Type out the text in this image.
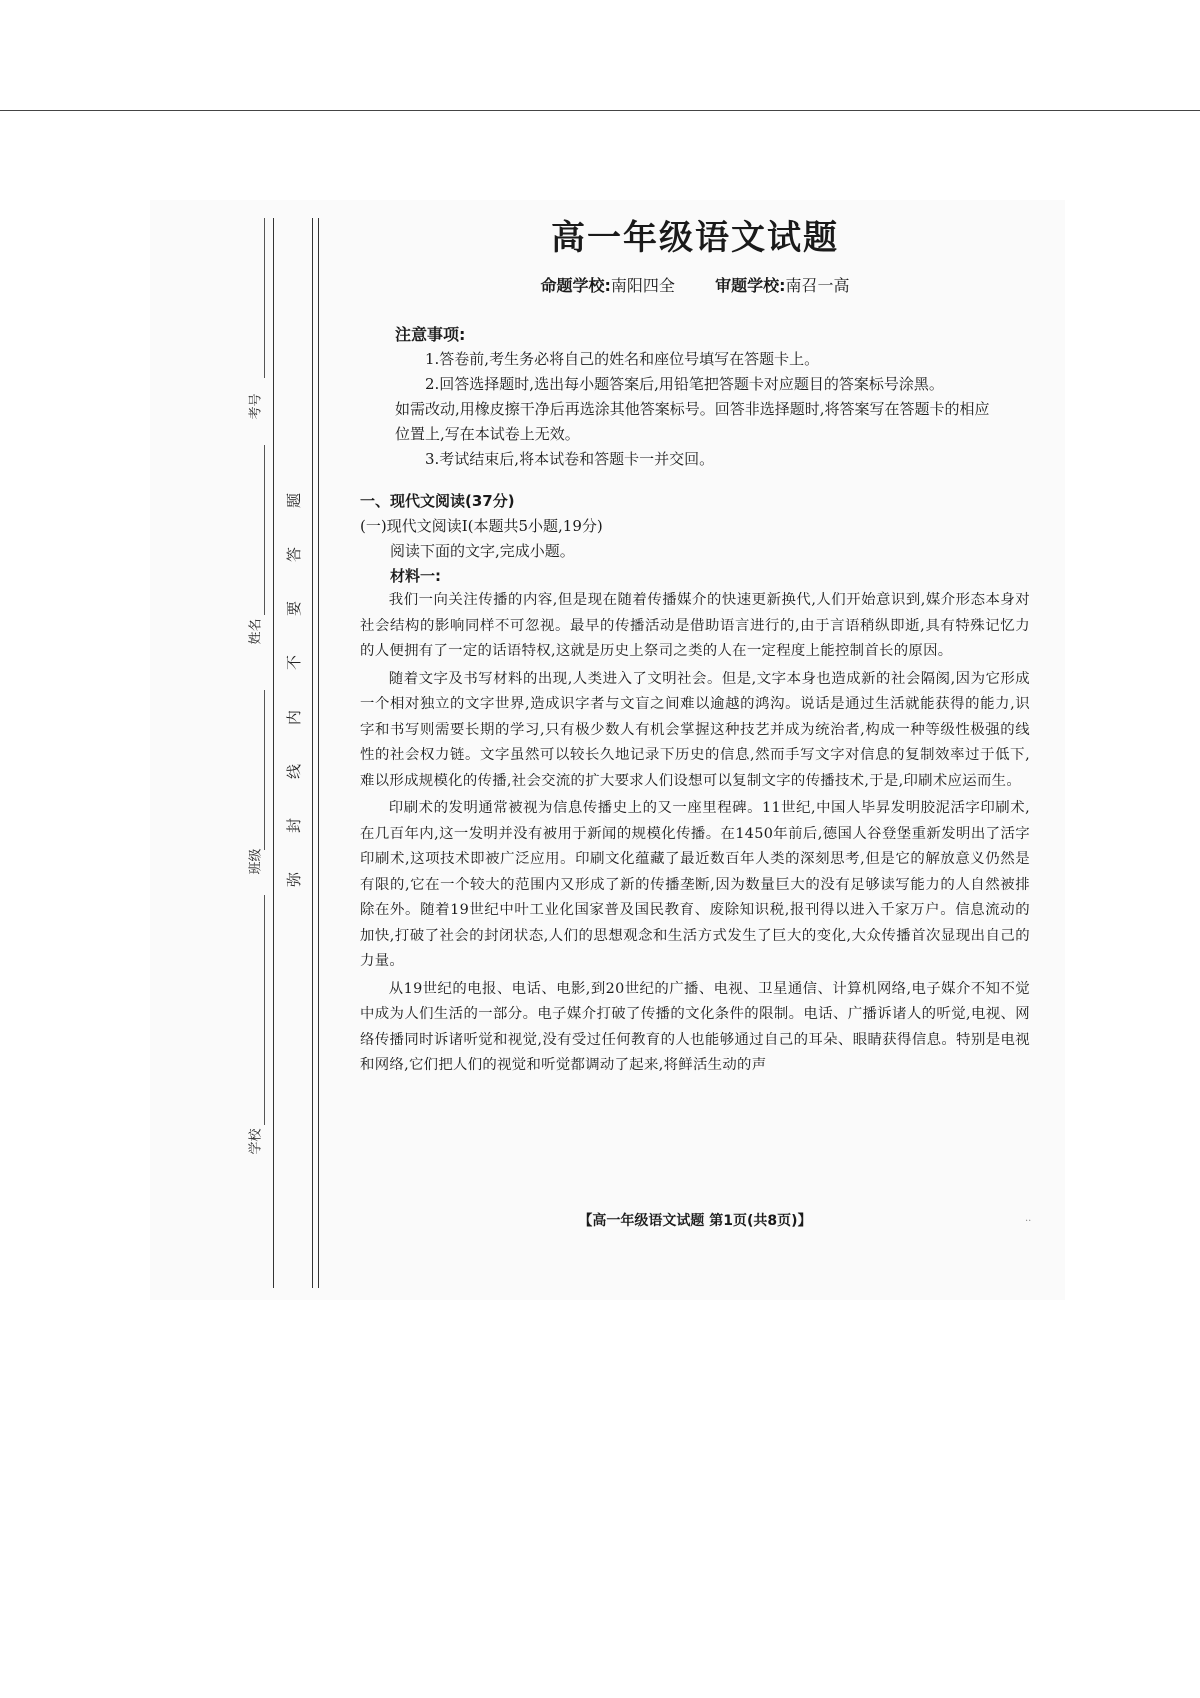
考号
姓名
班级
学校
题
答
要
不
内
线
封
弥
高一年级语文试题
命题学校:南阳四全	审题学校:南召一高
注意事项:

1.答卷前,考生务必将自己的姓名和座位号填写在答题卡上。

2.回答选择题时,选出每小题答案后,用铅笔把答题卡对应题目的答案标号涂黑。

如需改动,用橡皮擦干净后再选涂其他答案标号。回答非选择题时,将答案写在答题卡的相应位置上,写在本试卷上无效。

3.考试结束后,将本试卷和答题卡一并交回。

一、现代文阅读(37分)
(一)现代文阅读Ⅰ(本题共5小题,19分)
阅读下面的文字,完成小题。
材料一:

我们一向关注传播的内容,但是现在随着传播媒介的快速更新换代,人们开始意识到,媒介形态本身对社会结构的影响同样不可忽视。最早的传播活动是借助语言进行的,由于言语稍纵即逝,具有特殊记忆力的人便拥有了一定的话语特权,这就是历史上祭司之类的人在一定程度上能控制首长的原因。

随着文字及书写材料的出现,人类进入了文明社会。但是,文字本身也造成新的社会隔阂,因为它形成一个相对独立的文字世界,造成识字者与文盲之间难以逾越的鸿沟。说话是通过生活就能获得的能力,识字和书写则需要长期的学习,只有极少数人有机会掌握这种技艺并成为统治者,构成一种等级性极强的线性的社会权力链。文字虽然可以较长久地记录下历史的信息,然而手写文字对信息的复制效率过于低下,难以形成规模化的传播,社会交流的扩大要求人们设想可以复制文字的传播技术,于是,印刷术应运而生。

印刷术的发明通常被视为信息传播史上的又一座里程碑。11世纪,中国人毕昇发明胶泥活字印刷术,在几百年内,这一发明并没有被用于新闻的规模化传播。在1450年前后,德国人谷登堡重新发明出了活字印刷术,这项技术即被广泛应用。印刷文化蕴藏了最近数百年人类的深刻思考,但是它的解放意义仍然是有限的,它在一个较大的范围内又形成了新的传播垄断,因为数量巨大的没有足够读写能力的人自然被排除在外。随着19世纪中叶工业化国家普及国民教育、废除知识税,报刊得以进入千家万户。信息流动的加快,打破了社会的封闭状态,人们的思想观念和生活方式发生了巨大的变化,大众传播首次显现出自己的力量。

从19世纪的电报、电话、电影,到20世纪的广播、电视、卫星通信、计算机网络,电子媒介不知不觉中成为人们生活的一部分。电子媒介打破了传播的文化条件的限制。电话、广播诉诸人的听觉,电视、网络传播同时诉诸听觉和视觉,没有受过任何教育的人也能够通过自己的耳朵、眼睛获得信息。特别是电视和网络,它们把人们的视觉和听觉都调动了起来,将鲜活生动的声

【高一年级语文试题 第1页(共8页)】	..
